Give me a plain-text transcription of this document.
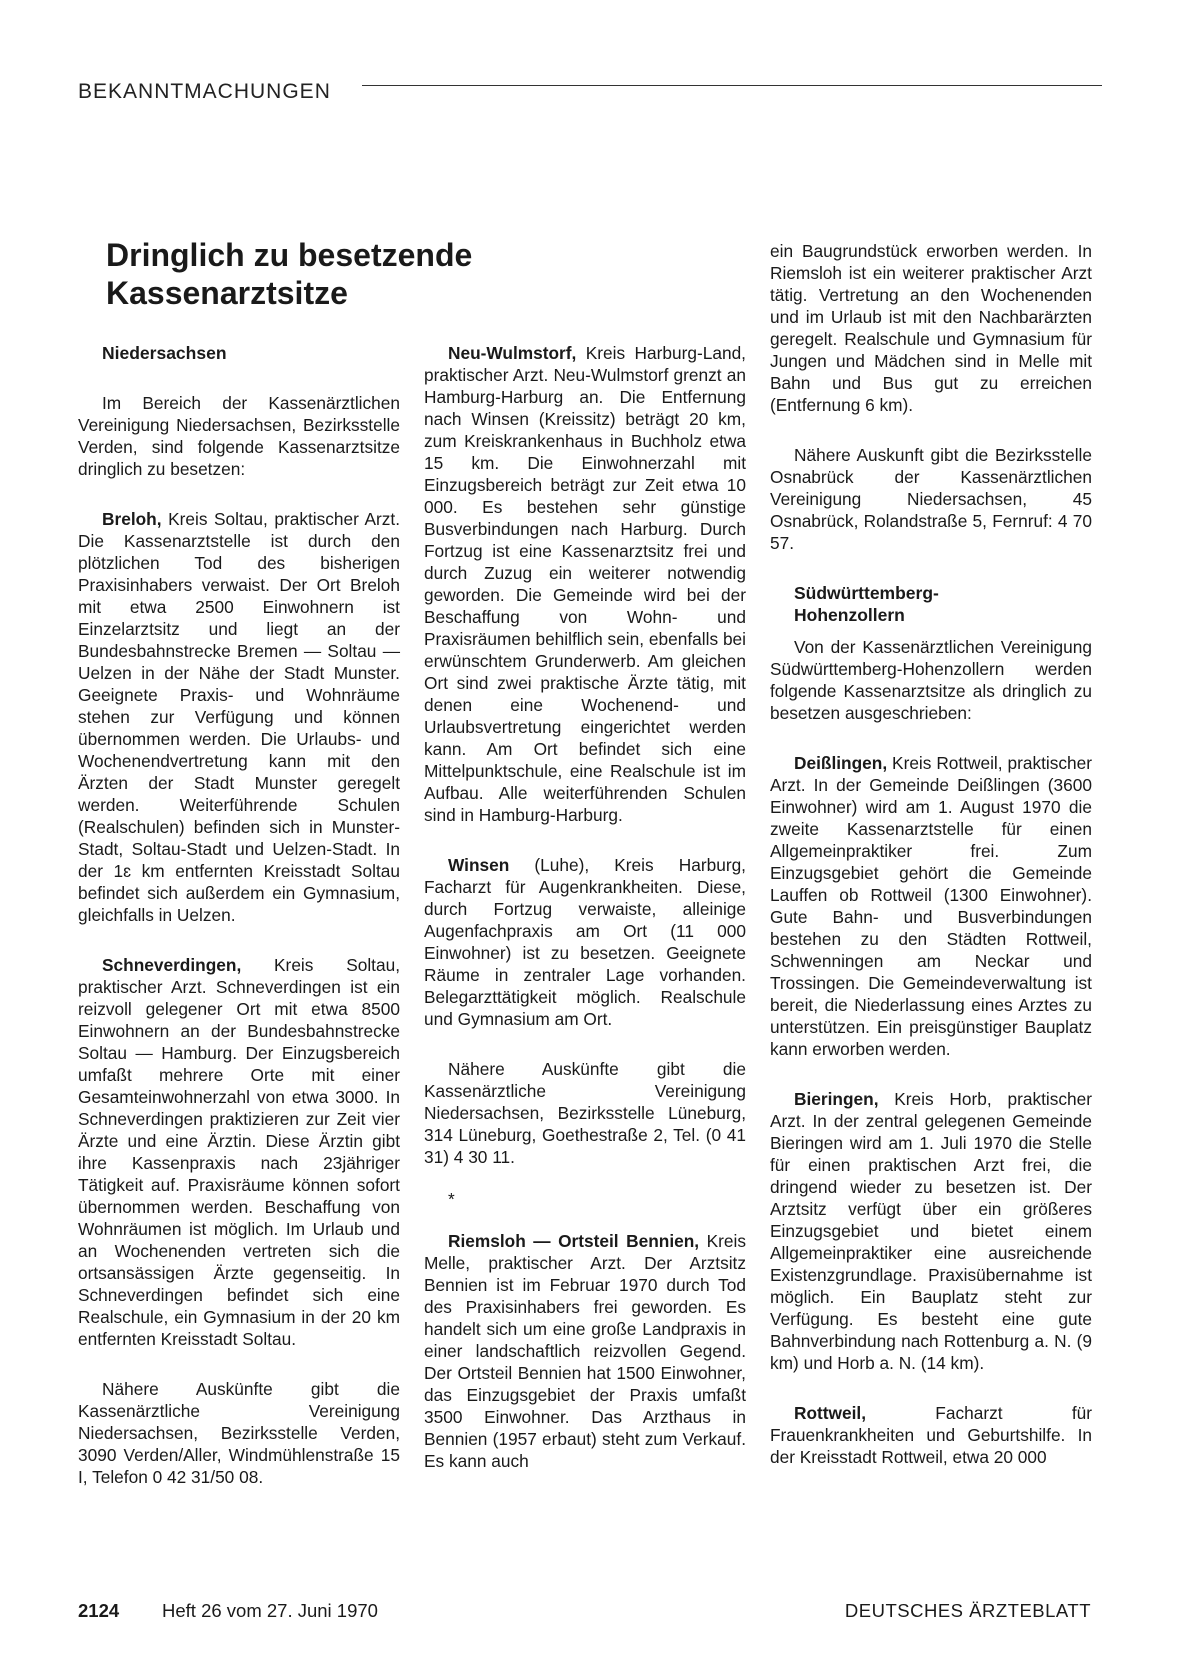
BEKANNTMACHUNGEN
Dringlich zu besetzende
Kassenarztsitze
Niedersachsen

Im Bereich der Kassenärztlichen Vereinigung Niedersachsen, Bezirksstelle Verden, sind folgende Kassenarztsitze dringlich zu besetzen:

Breloh, Kreis Soltau, praktischer Arzt. Die Kassenarztstelle ist durch den plötzlichen Tod des bisherigen Praxisinhabers verwaist. Der Ort Breloh mit etwa 2500 Einwohnern ist Einzelarztsitz und liegt an der Bundesbahnstrecke Bremen — Soltau — Uelzen in der Nähe der Stadt Munster. Geeignete Praxis- und Wohnräume stehen zur Verfügung und können übernommen werden. Die Urlaubs- und Wochenendvertretung kann mit den Ärzten der Stadt Munster geregelt werden. Weiterführende Schulen (Realschulen) befinden sich in Munster-Stadt, Soltau-Stadt und Uelzen-Stadt. In der 1ɛ km entfernten Kreisstadt Soltau befindet sich außerdem ein Gymnasium, gleichfalls in Uelzen.

Schneverdingen, Kreis Soltau, praktischer Arzt. Schneverdingen ist ein reizvoll gelegener Ort mit etwa 8500 Einwohnern an der Bundesbahnstrecke Soltau — Hamburg. Der Einzugsbereich umfaßt mehrere Orte mit einer Gesamteinwohnerzahl von etwa 3000. In Schneverdingen praktizieren zur Zeit vier Ärzte und eine Ärztin. Diese Ärztin gibt ihre Kassenpraxis nach 23jähriger Tätigkeit auf. Praxisräume können sofort übernommen werden. Beschaffung von Wohnräumen ist möglich. Im Urlaub und an Wochenenden vertreten sich die ortsansässigen Ärzte gegenseitig. In Schneverdingen befindet sich eine Realschule, ein Gymnasium in der 20 km entfernten Kreisstadt Soltau.

Nähere Auskünfte gibt die Kassenärztliche Vereinigung Niedersachsen, Bezirksstelle Verden, 3090 Verden/Aller, Windmühlenstraße 15 I, Telefon 0 42 31/50 08.

Neu-Wulmstorf, Kreis Harburg-Land, praktischer Arzt. Neu-Wulmstorf grenzt an Hamburg-Harburg an. Die Entfernung nach Winsen (Kreissitz) beträgt 20 km, zum Kreiskrankenhaus in Buchholz etwa 15 km. Die Einwohnerzahl mit Einzugsbereich beträgt zur Zeit etwa 10 000. Es bestehen sehr günstige Busverbindungen nach Harburg. Durch Fortzug ist eine Kassenarztsitz frei und durch Zuzug ein weiterer notwendig geworden. Die Gemeinde wird bei der Beschaffung von Wohn- und Praxisräumen behilflich sein, ebenfalls bei erwünschtem Grunderwerb. Am gleichen Ort sind zwei praktische Ärzte tätig, mit denen eine Wochenend- und Urlaubsvertretung eingerichtet werden kann. Am Ort befindet sich eine Mittelpunktschule, eine Realschule ist im Aufbau. Alle weiterführenden Schulen sind in Hamburg-Harburg.

Winsen (Luhe), Kreis Harburg, Facharzt für Augenkrankheiten. Diese, durch Fortzug verwaiste, alleinige Augenfachpraxis am Ort (11 000 Einwohner) ist zu besetzen. Geeignete Räume in zentraler Lage vorhanden. Belegarzttätigkeit möglich. Realschule und Gymnasium am Ort.

Nähere Auskünfte gibt die Kassenärztliche Vereinigung Niedersachsen, Bezirksstelle Lüneburg, 314 Lüneburg, Goethestraße 2, Tel. (0 41 31) 4 30 11.

*

Riemsloh — Ortsteil Bennien, Kreis Melle, praktischer Arzt. Der Arztsitz Bennien ist im Februar 1970 durch Tod des Praxisinhabers frei geworden. Es handelt sich um eine große Landpraxis in einer landschaftlich reizvollen Gegend. Der Ortsteil Bennien hat 1500 Einwohner, das Einzugsgebiet der Praxis umfaßt 3500 Einwohner. Das Arzthaus in Bennien (1957 erbaut) steht zum Verkauf. Es kann auch

ein Baugrundstück erworben werden. In Riemsloh ist ein weiterer praktischer Arzt tätig. Vertretung an den Wochenenden und im Urlaub ist mit den Nachbarärzten geregelt. Realschule und Gymnasium für Jungen und Mädchen sind in Melle mit Bahn und Bus gut zu erreichen (Entfernung 6 km).

Nähere Auskunft gibt die Bezirksstelle Osnabrück der Kassenärztlichen Vereinigung Niedersachsen, 45 Osnabrück, Rolandstraße 5, Fernruf: 4 70 57.

Südwürttemberg-
Hohenzollern

Von der Kassenärztlichen Vereinigung Südwürttemberg-Hohenzollern werden folgende Kassenarztsitze als dringlich zu besetzen ausgeschrieben:

Deißlingen, Kreis Rottweil, praktischer Arzt. In der Gemeinde Deißlingen (3600 Einwohner) wird am 1. August 1970 die zweite Kassenarztstelle für einen Allgemeinpraktiker frei. Zum Einzugsgebiet gehört die Gemeinde Lauffen ob Rottweil (1300 Einwohner). Gute Bahn- und Busverbindungen bestehen zu den Städten Rottweil, Schwenningen am Neckar und Trossingen. Die Gemeindeverwaltung ist bereit, die Niederlassung eines Arztes zu unterstützen. Ein preisgünstiger Bauplatz kann erworben werden.

Bieringen, Kreis Horb, praktischer Arzt. In der zentral gelegenen Gemeinde Bieringen wird am 1. Juli 1970 die Stelle für einen praktischen Arzt frei, die dringend wieder zu besetzen ist. Der Arztsitz verfügt über ein größeres Einzugsgebiet und bietet einem Allgemeinpraktiker eine ausreichende Existenzgrundlage. Praxisübernahme ist möglich. Ein Bauplatz steht zur Verfügung. Es besteht eine gute Bahnverbindung nach Rottenburg a. N. (9 km) und Horb a. N. (14 km).

Rottweil, Facharzt für Frauenkrankheiten und Geburtshilfe. In der Kreisstadt Rottweil, etwa 20 000

2124 Heft 26 vom 27. Juni 1970	DEUTSCHES ÄRZTEBLATT
